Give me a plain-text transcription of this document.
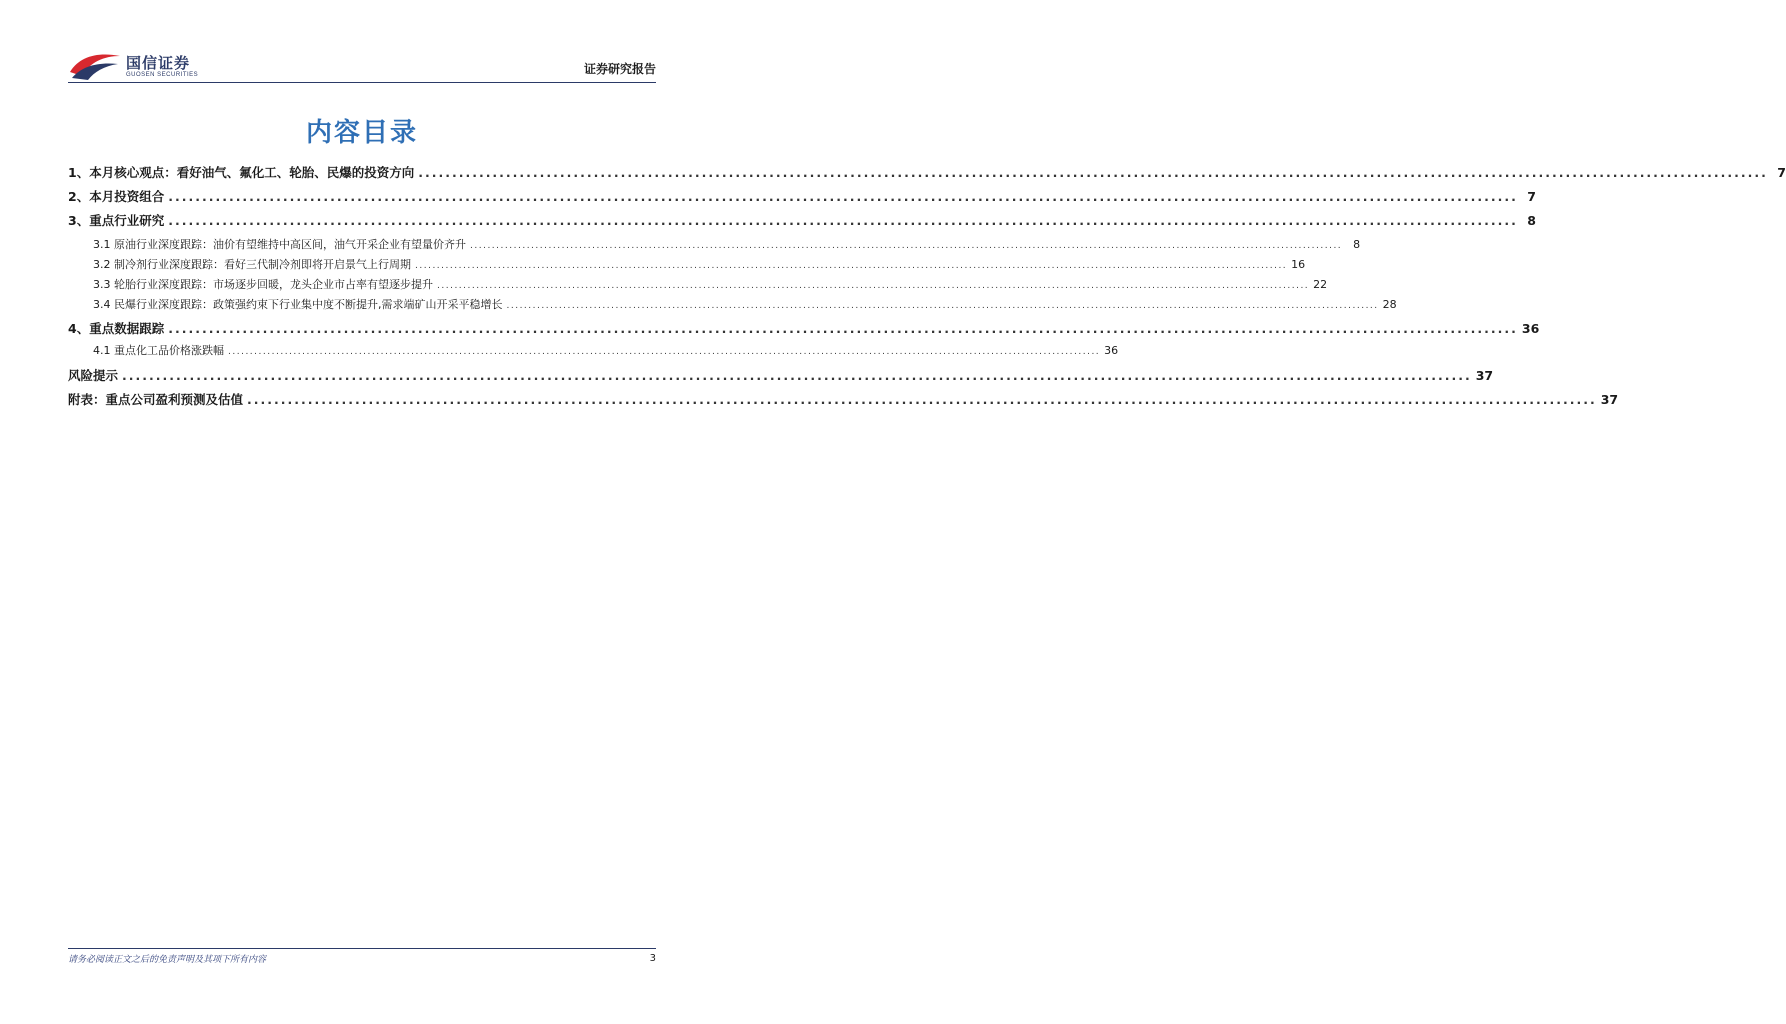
国信证券
GUOSEN SECURITIES	证券研究报告
内容目录
1、本月核心观点：看好油气、氟化工、轮胎、民爆的投资方向 ........................................................................................................................................................................................................ 7
2、本月投资组合 ........................................................................................................................................................................................................ 7
3、重点行业研究 ........................................................................................................................................................................................................ 8
3.1 原油行业深度跟踪：油价有望维持中高区间，油气开采企业有望量价齐升 ........................................................................................................................................................................................................	8
3.2 制冷剂行业深度跟踪：看好三代制冷剂即将开启景气上行周期 ........................................................................................................................................................................................................ 16
3.3 轮胎行业深度跟踪：市场逐步回暖，龙头企业市占率有望逐步提升 ........................................................................................................................................................................................................ 22
3.4 民爆行业深度跟踪：政策强约束下行业集中度不断提升,需求端矿山开采平稳增长 ........................................................................................................................................................................................................ 28
4、重点数据跟踪 ........................................................................................................................................................................................................ 36
4.1 重点化工品价格涨跌幅 ........................................................................................................................................................................................................ 36
风险提示 ........................................................................................................................................................................................................ 37
附表：重点公司盈利预测及估值 ........................................................................................................................................................................................................ 37
请务必阅读正文之后的免责声明及其项下所有内容	3
